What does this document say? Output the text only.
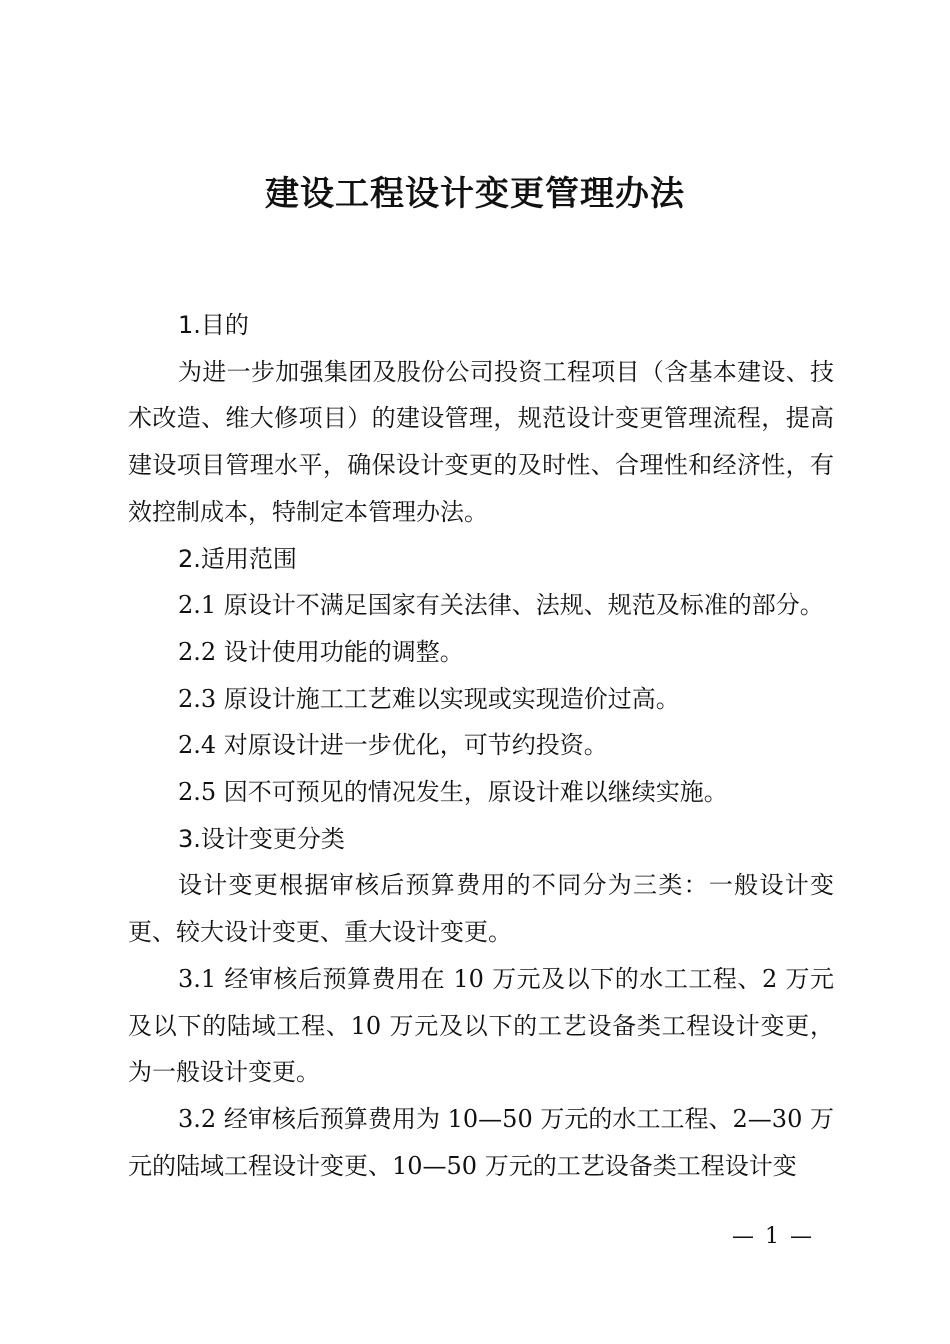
建设工程设计变更管理办法

1.目的

为进一步加强集团及股份公司投资工程项目（含基本建设、技术改造、维大修项目）的建设管理，规范设计变更管理流程，提高建设项目管理水平，确保设计变更的及时性、合理性和经济性，有效控制成本，特制定本管理办法。

2.适用范围

2.1 原设计不满足国家有关法律、法规、规范及标准的部分。

2.2 设计使用功能的调整。

2.3 原设计施工工艺难以实现或实现造价过高。

2.4 对原设计进一步优化，可节约投资。

2.5 因不可预见的情况发生，原设计难以继续实施。

3.设计变更分类

设计变更根据审核后预算费用的不同分为三类：一般设计变更、较大设计变更、重大设计变更。

3.1 经审核后预算费用在 10 万元及以下的水工工程、2 万元及以下的陆域工程、10 万元及以下的工艺设备类工程设计变更，为一般设计变更。

3.2 经审核后预算费用为 10—50 万元的水工工程、2—30 万元的陆域工程设计变更、10—50 万元的工艺设备类工程设计变

— 1 —
